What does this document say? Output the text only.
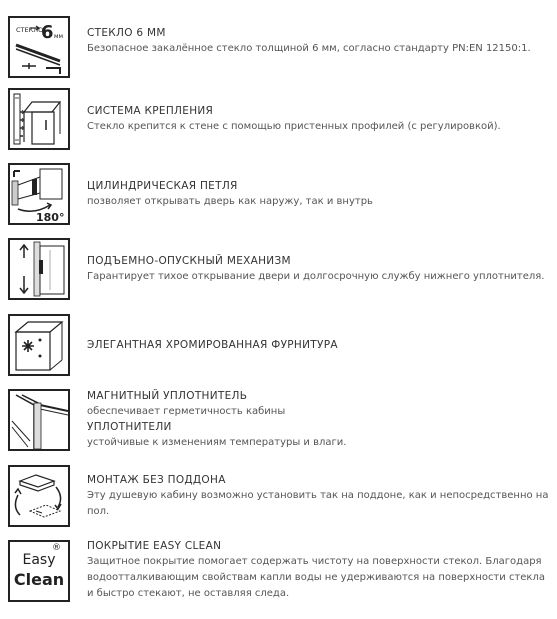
СТЕКЛО
6 мм СТЕКЛО 6 ММ
Безопасное закалённое стекло толщиной 6 мм, согласно стандарту PN:EN 12150:1.
СИСТЕМА КРЕПЛЕНИЯ
Стекло крепится к стене с помощью пристенных профилей (с регулировкой).
180°
ЦИЛИНДРИЧЕСКАЯ ПЕТЛЯ
позволяет открывать дверь как наружу, так и внутрь
ПОДЪЕМНО-ОПУСКНЫЙ МЕХАНИЗМ
Гарантирует тихое открывание двери и долгосрочную службу нижнего уплотнителя.
ЭЛЕГАНТНАЯ ХРОМИРОВАННАЯ ФУРНИТУРА
МАГНИТНЫЙ УПЛОТНИТЕЛЬ
обеспечивает герметичность кабины
УПЛОТНИТЕЛИ
устойчивые к изменениям температуры и влаги.
МОНТАЖ БЕЗ ПОДДОНА
Эту душевую кабину возможно установить так на поддоне, как и непосредственно на пол.
Easy
®
Clean
ПОКРЫТИЕ EASY CLEAN
Защитное покрытие помогает содержать чистоту на поверхности стекол. Благодаря водоотталкивающим свойствам капли воды не удерживаются на поверхности стекла и быстро стекают, не оставляя следа.
